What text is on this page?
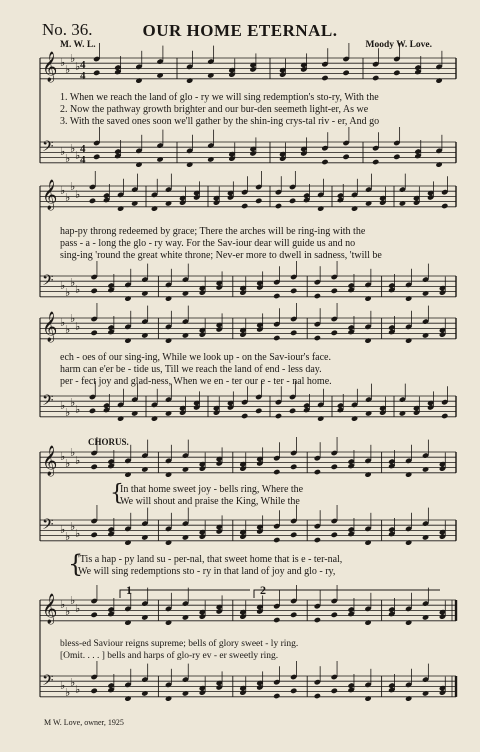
No. 36.	OUR HOME ETERNAL.
M. W. L.	Moody W. Love.
𝄞 ♭
♭
♭
♭
𝄢 ♭
♭
♭
♭
𝄞 ♭
♭
♭
♭
𝄢 ♭
♭
♭
♭
𝄞 ♭
♭
♭
♭
𝄢 ♭
♭
♭
♭
𝄞 ♭
♭
♭
♭
𝄢 ♭
♭
♭
♭
𝄞 ♭
♭
♭
♭
𝄢 ♭
♭
♭
♭
4
4
4
4
1. When we reach the land of glo - ry we will sing redemption's sto-ry, With the
2. Now the pathway growth brighter and our bur-den seemeth light-er, As we
3. With the saved ones soon we'll gather by the shin-ing crys-tal riv - er, And go
hap-py throng redeemed by grace; There the arches will be ring-ing with the
pass - a - long the glo - ry way. For the Sav-iour dear will guide us and no
sing-ing 'round the great white throne; Nev-er more to dwell in sadness, 'twill be
ech - oes of our sing-ing, While we look up - on the Sav-iour's face.
harm can e'er be - tide us, Till we reach the land of end - less day.
per - fect joy and glad-ness, When we en - ter our e - ter - nal home.
CHORUS.
{
In that home sweet joy - bells ring, Where the
We will shout and praise the King, While the
{
'Tis a hap - py land su - per-nal, that sweet home that is e - ter-nal,
We will sing redemptions sto - ry in that land of joy and glo - ry,
1	2
bless-ed Saviour reigns supreme; bells of glory sweet - ly ring.
[Omit. . . . ] bells and harps of glo-ry ev - er sweetly ring.
M W. Love, owner, 1925
